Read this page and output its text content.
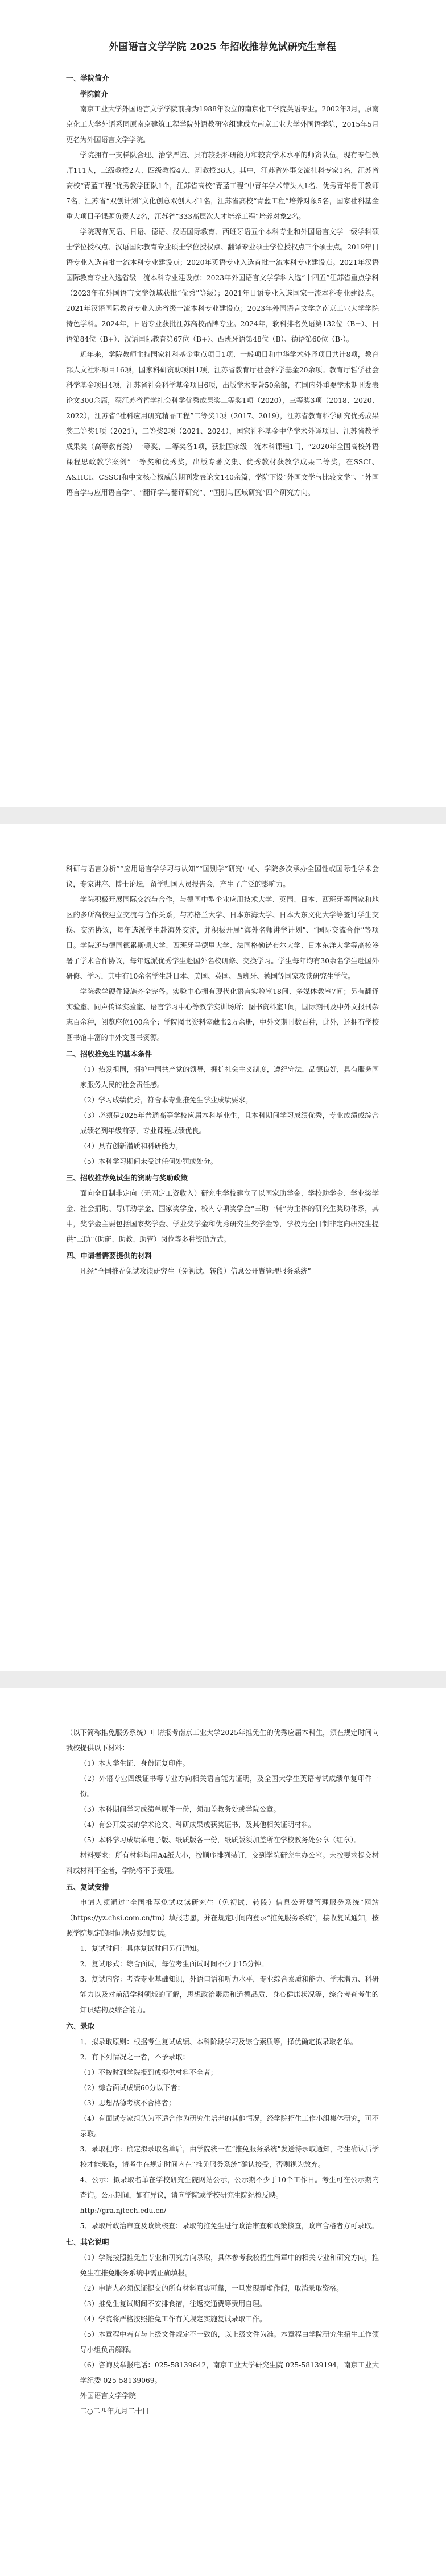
外国语言文学学院 2025 年招收推荐免试研究生章程
一、学院简介
学院简介

南京工业大学外国语言文学学院前身为1988年设立的南京化工学院英语专业。2002年3月，原南京化工大学外语系同原南京建筑工程学院外语教研室组建成立南京工业大学外国语学院，2015年5月更名为外国语言文学学院。

学院拥有一支梯队合理、治学严谨、具有较强科研能力和较高学术水平的师资队伍。现有专任教师111人，三级教授2人、四级教授4人，副教授38人。其中，江苏省外事交流社科专家1名，江苏省高校“青蓝工程”优秀教学团队1个，江苏省高校“青蓝工程”中青年学术带头人1名、优秀青年骨干教师7名，江苏省“双创计划”文化创意双创人才1名，江苏省高校“青蓝工程”培养对象5名，国家社科基金重大项目子课题负责人2名，江苏省“333高层次人才培养工程”培养对象2名。

学院现有英语、日语、德语、汉语国际教育、西班牙语五个本科专业和外国语言文学一级学科硕士学位授权点、汉语国际教育专业硕士学位授权点、翻译专业硕士学位授权点三个硕士点。2019年日语专业入选首批一流本科专业建设点；2020年英语专业入选首批一流本科专业建设点。2021年汉语国际教育专业入选省级一流本科专业建设点；2023年外国语言文学学科入选“十四五”江苏省重点学科（2023年在外国语言文学领域获批“优秀”等级）；2021年日语专业入选国家一流本科专业建设点。2021年汉语国际教育专业入选省级一流本科专业建设点；2023年外国语言文学之南京工业大学学院特色学科。2024年，日语专业获批江苏高校品牌专业。2024年，软科排名英语第132位（B+）、日语第84位（B+）、汉语国际教育第67位（B+）、西班牙语第48位（B）、德语第60位（B-）。

近年来，学院教师主持国家社科基金重点项目1项、一般项目和中华学术外译项目共计8项，教育部人文社科项目16项，国家科研资助项目1项，江苏省教育厅社会科学基金20余项。教育厅哲学社会科学基金项目4项，江苏省社会科学基金项目6项，出版学术专著50余部，在国内外重要学术期刊发表论文300余篇，获江苏省哲学社会科学优秀成果奖二等奖1项（2020），三等奖3项（2018、2020、2022），江苏省“社科应用研究精品工程”二等奖1项（2017、2019），江苏省教育科学研究优秀成果奖二等奖1项（2021），二等奖2项（2021、2024），国家社科基金中华学术外译项目、江苏省教学成果奖（高等教育类）一等奖、二等奖各1项，获批国家级一流本科课程1门，“2020年全国高校外语课程思政教学案例”一等奖和优秀奖，出版专著文集、优秀教材获教学成果二等奖，在SSCI、A&HCI、CSSCI和中文核心权威的期刊发表论文140余篇，学院下设“外国文学与比较文学”、“外国语言学与应用语言学”、“翻译学与翻译研究”、“国别与区域研究”四个研究方向。

科研与语言分析”“应用语言学学习与认知”“国别学”研究中心、学院多次承办全国性或国际性学术会议，专家讲座、博士论坛，留学归国人员报告会，产生了广泛的影响力。

学院积极开展国际交流与合作，与德国中型企业应用技术大学、英国、日本、西班牙等国家和地区的多所高校建立交流与合作关系，与苏格兰大学、日本东海大学、日本大东文化大学等签订学生交换、交流协议，每年选派学生赴海外交流，并积极开展“海外名师讲学计划”、“国际交流合作”等项目。学院还与德国德累斯顿大学、西班牙马德里大学、法国格勒诺布尔大学、日本东洋大学等高校签署了学术合作协议，每年选派优秀学生赴国外名校研修、交换学习。学生每年均有30余名学生赴国外研修、学习，其中有10余名学生赴日本、美国、英国、西班牙、德国等国家攻读研究生学位。

学院教学硬件设施齐全完备。实验中心拥有现代化语言实验室18间、多媒体教室7间；另有翻译实验室、同声传译实验室、语言学习中心等教学实训场所；图书资料室1间，国际期刊及中外文报刊杂志百余种，阅览座位100余个；学院图书资料室藏书2万余册，中外文期刊数百种，此外，还拥有学校图书馆丰富的中外文图书资源。

二、招收推免生的基本条件

（1）热爱祖国，拥护中国共产党的领导，拥护社会主义制度，遵纪守法，品德良好，具有服务国家服务人民的社会责任感。

（2）学习成绩优秀，符合本专业推免生学业成绩要求。

（3）必须是2025年普通高等学校应届本科毕业生，且本科期间学习成绩优秀，专业成绩或综合成绩名列年级前茅，专业课程成绩优良。

（4）具有创新潜质和科研能力。

（5）本科学习期间未受过任何处罚或处分。

三、招收推荐免试生的资助与奖助政策

面向全日制非定向（无固定工资收入）研究生学校建立了以国家助学金、学校助学金、学业奖学金、社会捐助、导师助学金、国家奖学金、校内专项奖学金“三助一辅”为主体的研究生奖助体系，其中，奖学金主要包括国家奖学金、学业奖学金和优秀研究生奖学金等，学校为全日制非定向研究生提供“三助”（助研、助教、助管）岗位等多种资助方式。

四、申请者需要提供的材料

凡经“全国推荐免试攻读研究生（免初试、转段）信息公开暨管理服务系统”

（以下简称推免服务系统）申请报考南京工业大学2025年推免生的优秀应届本科生，须在规定时间向我校提供以下材料：

（1）本人学生证、身份证复印件。

（2）外语专业四级证书等专业方向相关语言能力证明，及全国大学生英语考试成绩单复印件一份。

（3）本科期间学习成绩单原件一份，须加盖教务处或学院公章。

（4）有公开发表的学术论文、科研成果或获奖证书，及其他相关证明材料。

（5）本科学习成绩单电子版、纸质版各一份，纸质版须加盖所在学校教务处公章（红章）。

材料要求：所有材料均用A4纸大小，按顺序排列装订，交到学院研究生办公室。未按要求提交材料或材料不全者，学院将不予受理。

五、复试安排

申请人须通过“全国推荐免试攻读研究生（免初试、转段）信息公开暨管理服务系统”网站（https://yz.chsi.com.cn/tm）填报志愿，并在规定时间内登录“推免服务系统”，接收复试通知，按照学院规定的时间地点参加复试。

1、复试时间：具体复试时间另行通知。

2、复试形式：综合面试，每位考生面试时间不少于15分钟。

3、复试内容：考查专业基础知识，外语口语和听力水平，专业综合素质和能力、学术潜力、科研能力以及对前沿学科领域的了解，思想政治素质和道德品质、身心健康状况等，综合考查考生的知识结构及综合能力。

六、录取

1、拟录取原则：根据考生复试成绩、本科阶段学习及综合素质等，择优确定拟录取名单。

2、有下列情况之一者，不予录取：

（1）不按时到学院报到或提供材料不全者；

（2）综合面试成绩60分以下者；

（3）思想品德考核不合格者；

（4）有面试专家组认为不适合作为研究生培养的其他情况，经学院招生工作小组集体研究，可不录取。

3、录取程序：确定拟录取名单后，由学院统一在“推免服务系统”发送待录取通知，考生确认后学校才能录取，请考生在规定时间内在“推免服务系统”确认接受，否则视为放弃。

4、公示：拟录取名单在学校研究生院网站公示，公示期不少于10个工作日。考生可在公示期内查询。公示期间，如有异议，请向学院或学校研究生院纪检反映。

http://gra.njtech.edu.cn/

5、录取后政治审查及政策核查：录取的推免生进行政治审查和政策核查，政审合格者方可录取。

七、其它说明

（1）学院按照推免生专业和研究方向录取，具体参考我校招生简章中的相关专业和研究方向，推免生在推免服务系统中需正确填报。

（2）申请人必须保证提交的所有材料真实可靠，一旦发现弄虚作假，取消录取资格。

（3）推免生复试期间不安排食宿，往返交通费等费用自理。

（4）学院将严格按照推免工作有关规定实施复试录取工作。

（5）本章程中若有与上级文件规定不一致的，以上级文件为准。本章程由学院研究生招生工作领导小组负责解释。

（6）咨询及举报电话：025-58139642，南京工业大学研究生院 025-58139194，南京工业大学纪委 025-58139069。

外国语言文学学院

二○二四年九月二十日
